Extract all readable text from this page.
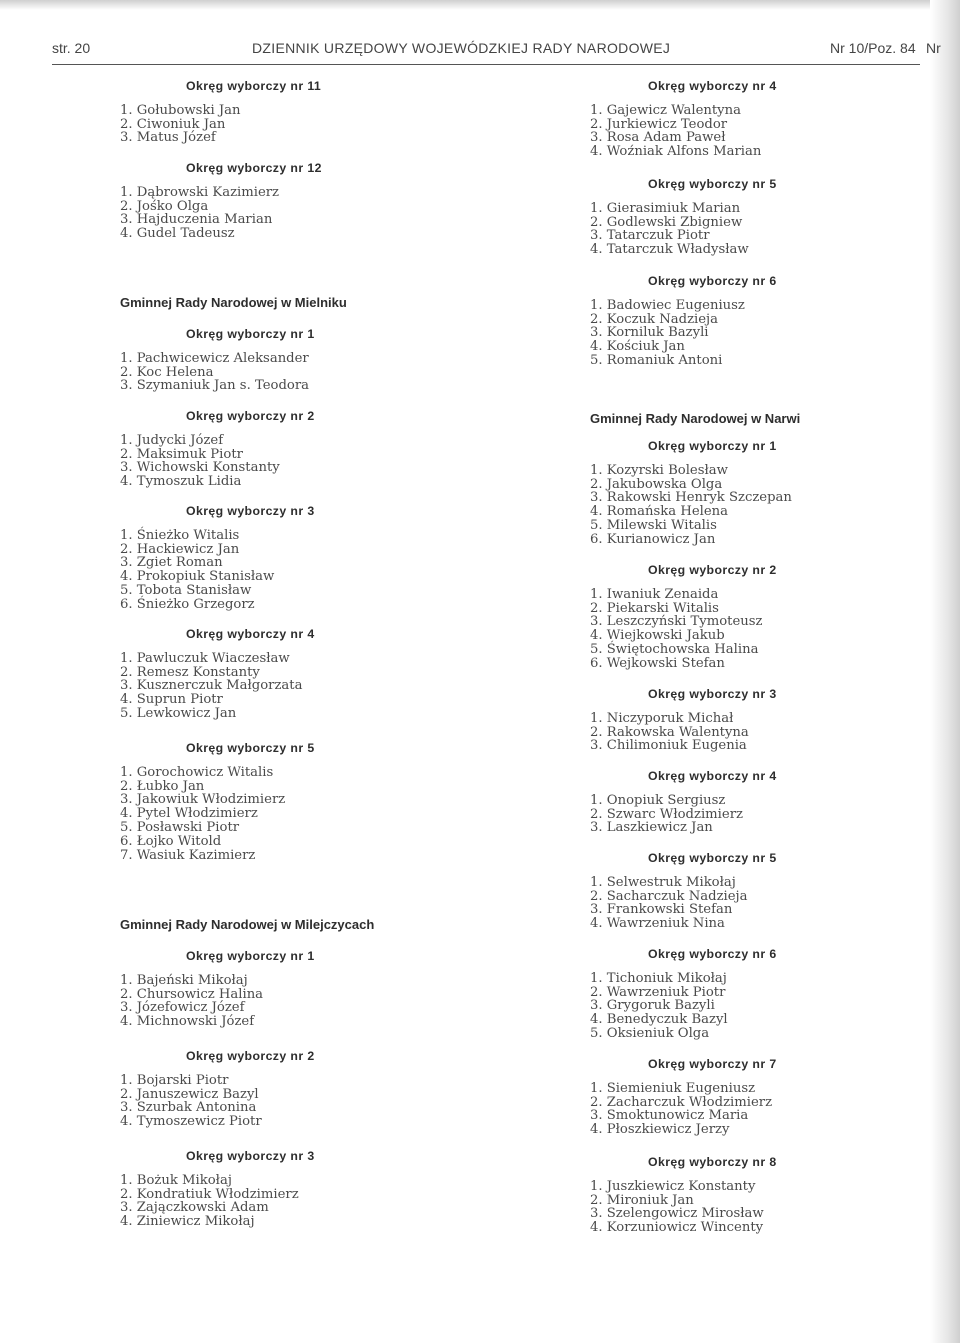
str. 20	DZIENNIK URZĘDOWY WOJEWÓDZKIEJ RADY NARODOWEJ	Nr 10/Poz. 84 Nr
Okręg wyborczy nr 11
1. Gołubowski Jan
2. Ciwoniuk Jan
3. Matus Józef
Okręg wyborczy nr 12
1. Dąbrowski Kazimierz
2. Jośko Olga
3. Hajduczenia Marian
4. Gudel Tadeusz
Gminnej Rady Narodowej w Mielniku
Okręg wyborczy nr 1
1. Pachwicewicz Aleksander
2. Koc Helena
3. Szymaniuk Jan s. Teodora
Okręg wyborczy nr 2
1. Judycki Józef
2. Maksimuk Piotr
3. Wichowski Konstanty
4. Tymoszuk Lidia
Okręg wyborczy nr 3
1. Śnieżko Witalis
2. Hackiewicz Jan
3. Zgiet Roman
4. Prokopiuk Stanisław
5. Tobota Stanisław
6. Śnieżko Grzegorz
Okręg wyborczy nr 4
1. Pawluczuk Wiaczesław
2. Remesz Konstanty
3. Kusznerczuk Małgorzata
4. Suprun Piotr
5. Lewkowicz Jan
Okręg wyborczy nr 5
1. Gorochowicz Witalis
2. Łubko Jan
3. Jakowiuk Włodzimierz
4. Pytel Włodzimierz
5. Posławski Piotr
6. Łojko Witold
7. Wasiuk Kazimierz
Gminnej Rady Narodowej w Milejczycach
Okręg wyborczy nr 1
1. Bajeński Mikołaj
2. Chursowicz Halina
3. Józefowicz Józef
4. Michnowski Józef
Okręg wyborczy nr 2
1. Bojarski Piotr
2. Januszewicz Bazyl
3. Szurbak Antonina
4. Tymoszewicz Piotr
Okręg wyborczy nr 3
1. Bożuk Mikołaj
2. Kondratiuk Włodzimierz
3. Zajączkowski Adam
4. Ziniewicz Mikołaj
Okręg wyborczy nr 4
1. Gajewicz Walentyna
2. Jurkiewicz Teodor
3. Rosa Adam Paweł
4. Woźniak Alfons Marian
Okręg wyborczy nr 5
1. Gierasimiuk Marian
2. Godlewski Zbigniew
3. Tatarczuk Piotr
4. Tatarczuk Władysław
Okręg wyborczy nr 6
1. Badowiec Eugeniusz
2. Koczuk Nadzieja
3. Korniluk Bazyli
4. Kościuk Jan
5. Romaniuk Antoni
Gminnej Rady Narodowej w Narwi
Okręg wyborczy nr 1
1. Kozyrski Bolesław
2. Jakubowska Olga
3. Rakowski Henryk Szczepan
4. Romańska Helena
5. Milewski Witalis
6. Kurianowicz Jan
Okręg wyborczy nr 2
1. Iwaniuk Zenaida
2. Piekarski Witalis
3. Leszczyński Tymoteusz
4. Wiejkowski Jakub
5. Świętochowska Halina
6. Wejkowski Stefan
Okręg wyborczy nr 3
1. Niczyporuk Michał
2. Rakowska Walentyna
3. Chilimoniuk Eugenia
Okręg wyborczy nr 4
1. Onopiuk Sergiusz
2. Szwarc Włodzimierz
3. Laszkiewicz Jan
Okręg wyborczy nr 5
1. Selwestruk Mikołaj
2. Sacharczuk Nadzieja
3. Frankowski Stefan
4. Wawrzeniuk Nina
Okręg wyborczy nr 6
1. Tichoniuk Mikołaj
2. Wawrzeniuk Piotr
3. Grygoruk Bazyli
4. Benedyczuk Bazyl
5. Oksieniuk Olga
Okręg wyborczy nr 7
1. Siemieniuk Eugeniusz
2. Zacharczuk Włodzimierz
3. Smoktunowicz Maria
4. Płoszkiewicz Jerzy
Okręg wyborczy nr 8
1. Juszkiewicz Konstanty
2. Mironiuk Jan
3. Szelengowicz Mirosław
4. Korzuniowicz Wincenty
